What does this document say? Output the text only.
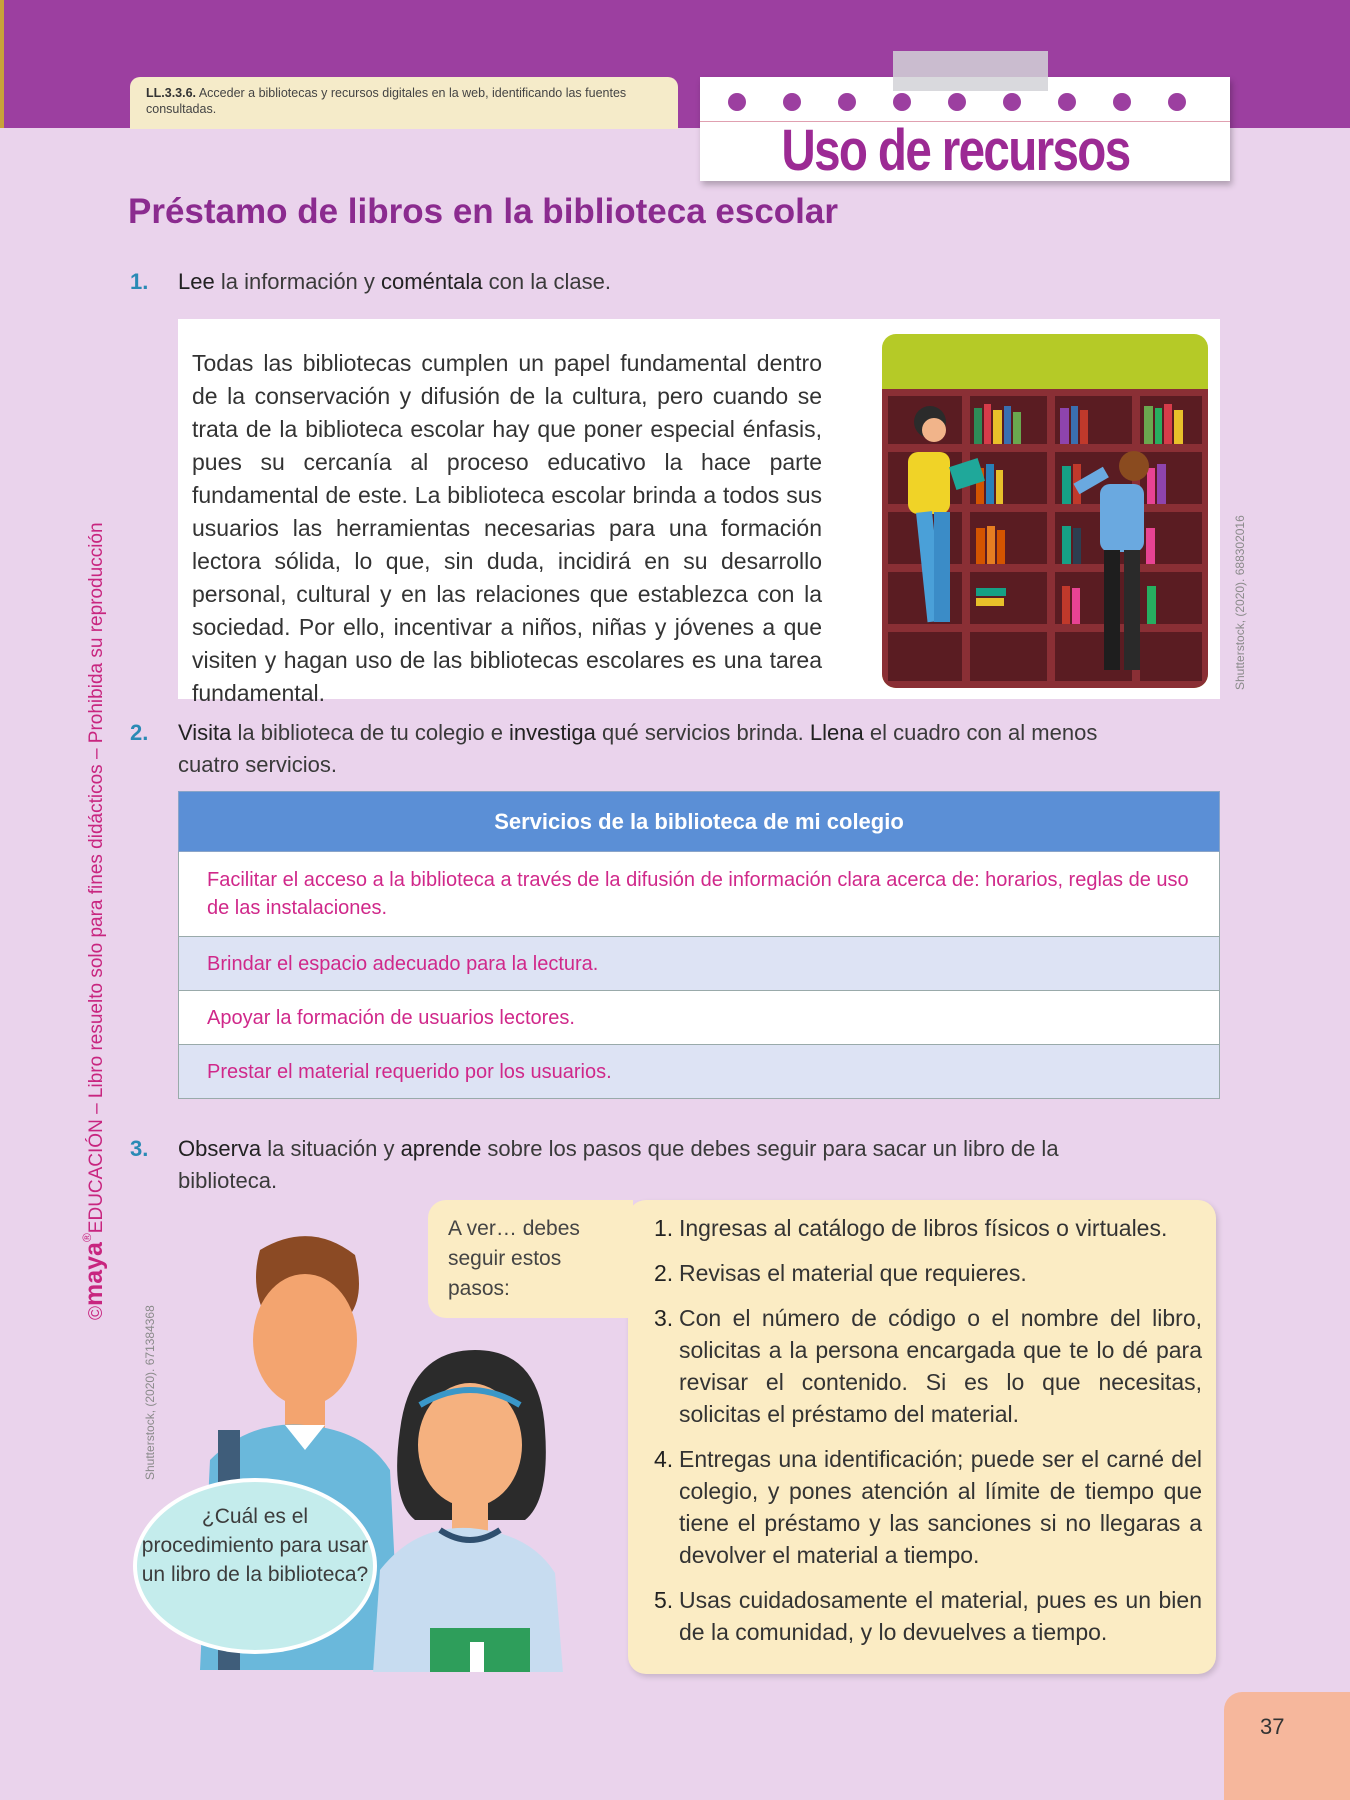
LL.3.3.6. Acceder a bibliotecas y recursos digitales en la web, identificando las fuentes consultadas.
Uso de recursos
©maya®EDUCACIÓN – Libro resuelto solo para fines didácticos – Prohibida su reproducción
Préstamo de libros en la biblioteca escolar
1. Lee la información y coméntala con la clase.
Todas las bibliotecas cumplen un papel fundamental dentro de la conservación y difusión de la cultura, pero cuando se trata de la biblioteca escolar hay que poner especial énfasis, pues su cercanía al proceso educativo la hace parte fundamental de este. La biblioteca escolar brinda a todos sus usuarios las herramientas necesarias para una formación lectora sólida, lo que, sin duda, incidirá en su desarrollo personal, cultural y en las relaciones que establezca con la sociedad. Por ello, incentivar a niños, niñas y jóvenes a que visiten y hagan uso de las bibliotecas escolares es una tarea fundamental.
Shutterstock, (2020). 688302016
2. Visita la biblioteca de tu colegio e investiga qué servicios brinda. Llena el cuadro con al menos
cuatro servicios.
Servicios de la biblioteca de mi colegio
Facilitar el acceso a la biblioteca a través de la difusión de información clara acerca de: horarios, reglas de uso de las instalaciones.
Brindar el espacio adecuado para la lectura.
Apoyar la formación de usuarios lectores.
Prestar el material requerido por los usuarios.
3. Observa la situación y aprende sobre los pasos que debes seguir para sacar un libro de la
biblioteca.
Shutterstock, (2020). 671384368
1. Ingresas al catálogo de libros físicos o virtuales.
2. Revisas el material que requieres.
3. Con el número de código o el nombre del libro, solicitas a la persona encargada que te lo dé para revisar el contenido. Si es lo que necesitas, solicitas el préstamo del material.
4. Entregas una identificación; puede ser el carné del colegio, y pones atención al límite de tiempo que tiene el préstamo y las sanciones si no llegaras a devolver el material a tiempo.
5. Usas cuidadosamente el material, pues es un bien de la comunidad, y lo devuelves a tiempo.
A ver… debes seguir estos pasos:
¿Cuál es el procedimiento para usar un libro de la biblioteca?
37
